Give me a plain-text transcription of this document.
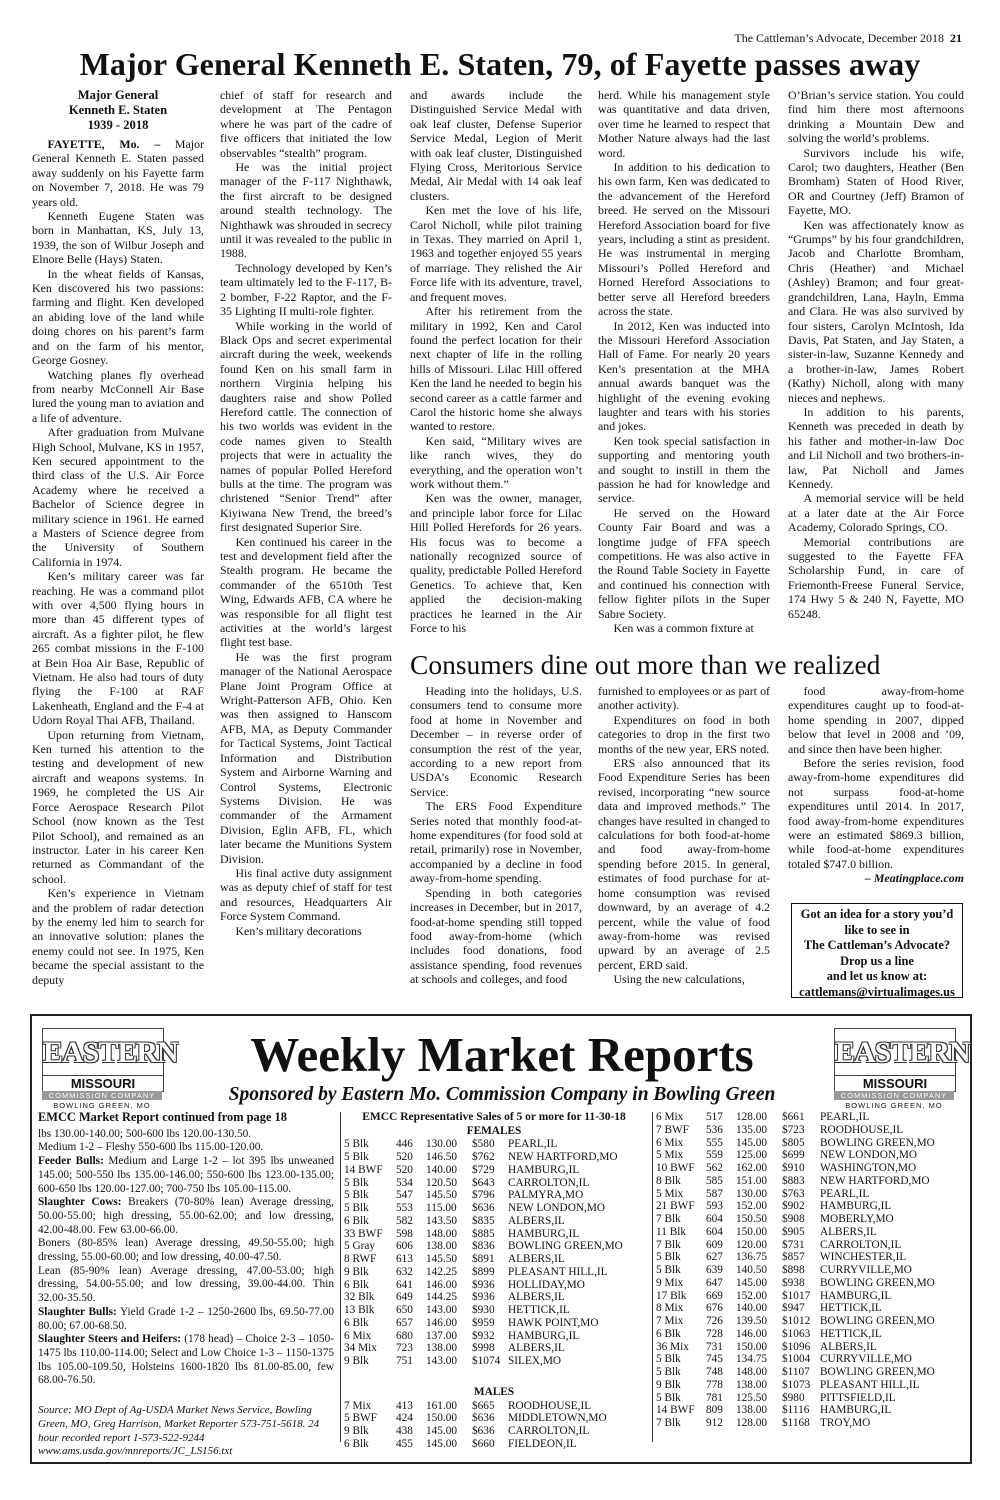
The Cattleman’s Advocate, December 2018 21
Major General Kenneth E. Staten, 79, of Fayette passes away

Major General

Kenneth E. Staten

1939 - 2018

FAYETTE, Mo. – Major General Kenneth E. Staten passed away suddenly on his Fayette farm on November 7, 2018. He was 79 years old.

Kenneth Eugene Staten was born in Manhattan, KS, July 13, 1939, the son of Wilbur Joseph and Elnore Belle (Hays) Staten.

In the wheat fields of Kansas, Ken discovered his two passions: farming and flight. Ken developed an abiding love of the land while doing chores on his parent’s farm and on the farm of his mentor, George Gosney.

Watching planes fly overhead from nearby McConnell Air Base lured the young man to aviation and a life of adventure.

After graduation from Mulvane High School, Mulvane, KS in 1957, Ken secured appointment to the third class of the U.S. Air Force Academy where he received a Bachelor of Science degree in military science in 1961. He earned a Masters of Science degree from the University of Southern California in 1974.

Ken’s military career was far reaching. He was a command pilot with over 4,500 flying hours in more than 45 different types of aircraft. As a fighter pilot, he flew 265 combat missions in the F-100 at Bein Hoa Air Base, Republic of Vietnam. He also had tours of duty flying the F-100 at RAF Lakenheath, England and the F-4 at Udorn Royal Thai AFB, Thailand.

Upon returning from Vietnam, Ken turned his attention to the testing and development of new aircraft and weapons systems. In 1969, he completed the US Air Force Aerospace Research Pilot School (now known as the Test Pilot School), and remained as an instructor. Later in his career Ken returned as Commandant of the school.

Ken’s experience in Vietnam and the problem of radar detection by the enemy led him to search for an innovative solution: planes the enemy could not see. In 1975, Ken became the special assistant to the deputy

chief of staff for research and development at The Pentagon where he was part of the cadre of five officers that initiated the low observables “stealth” program.

He was the initial project manager of the F-117 Nighthawk, the first aircraft to be designed around stealth technology. The Nighthawk was shrouded in secrecy until it was revealed to the public in 1988.

Technology developed by Ken’s team ultimately led to the F-117, B-2 bomber, F-22 Raptor, and the F-35 Lighting II multi-role fighter.

While working in the world of Black Ops and secret experimental aircraft during the week, weekends found Ken on his small farm in northern Virginia helping his daughters raise and show Polled Hereford cattle. The connection of his two worlds was evident in the code names given to Stealth projects that were in actuality the names of popular Polled Hereford bulls at the time. The program was christened “Senior Trend” after Kiyiwana New Trend, the breed’s first designated Superior Sire.

Ken continued his career in the test and development field after the Stealth program. He became the commander of the 6510th Test Wing, Edwards AFB, CA where he was responsible for all flight test activities at the world’s largest flight test base.

He was the first program manager of the National Aerospace Plane Joint Program Office at Wright-Patterson AFB, Ohio. Ken was then assigned to Hanscom AFB, MA, as Deputy Commander for Tactical Systems, Joint Tactical Information and Distribution System and Airborne Warning and Control Systems, Electronic Systems Division. He was commander of the Armament Division, Eglin AFB, FL, which later became the Munitions System Division.

His final active duty assignment was as deputy chief of staff for test and resources, Headquarters Air Force System Command.

Ken’s military decorations

and awards include the Distinguished Service Medal with oak leaf cluster, Defense Superior Service Medal, Legion of Merit with oak leaf cluster, Distinguished Flying Cross, Meritorious Service Medal, Air Medal with 14 oak leaf clusters.

Ken met the love of his life, Carol Nicholl, while pilot training in Texas. They married on April 1, 1963 and together enjoyed 55 years of marriage. They relished the Air Force life with its adventure, travel, and frequent moves.

After his retirement from the military in 1992, Ken and Carol found the perfect location for their next chapter of life in the rolling hills of Missouri. Lilac Hill offered Ken the land he needed to begin his second career as a cattle farmer and Carol the historic home she always wanted to restore.

Ken said, “Military wives are like ranch wives, they do everything, and the operation won’t work without them.”

Ken was the owner, manager, and principle labor force for Lilac Hill Polled Herefords for 26 years. His focus was to become a nationally recognized source of quality, predictable Polled Hereford Genetics. To achieve that, Ken applied the decision-making practices he learned in the Air Force to his

herd. While his management style was quantitative and data driven, over time he learned to respect that Mother Nature always had the last word.

In addition to his dedication to his own farm, Ken was dedicated to the advancement of the Hereford breed. He served on the Missouri Hereford Association board for five years, including a stint as president. He was instrumental in merging Missouri’s Polled Hereford and Horned Hereford Associations to better serve all Hereford breeders across the state.

In 2012, Ken was inducted into the Missouri Hereford Association Hall of Fame. For nearly 20 years Ken’s presentation at the MHA annual awards banquet was the highlight of the evening evoking laughter and tears with his stories and jokes.

Ken took special satisfaction in supporting and mentoring youth and sought to instill in them the passion he had for knowledge and service.

He served on the Howard County Fair Board and was a longtime judge of FFA speech competitions. He was also active in the Round Table Society in Fayette and continued his connection with fellow fighter pilots in the Super Sabre Society.

Ken was a common fixture at

O’Brian’s service station. You could find him there most afternoons drinking a Mountain Dew and solving the world’s problems.

Survivors include his wife, Carol; two daughters, Heather (Ben Bromham) Staten of Hood River, OR and Courtney (Jeff) Bramon of Fayette, MO.

Ken was affectionately know as “Grumps” by his four grandchildren, Jacob and Charlotte Bromham, Chris (Heather) and Michael (Ashley) Bramon; and four great-grandchildren, Lana, Hayln, Emma and Clara. He was also survived by four sisters, Carolyn McIntosh, Ida Davis, Pat Staten, and Jay Staten, a sister-in-law, Suzanne Kennedy and a brother-in-law, James Robert (Kathy) Nicholl, along with many nieces and nephews.

In addition to his parents, Kenneth was preceded in death by his father and mother-in-law Doc and Lil Nicholl and two brothers-in-law, Pat Nicholl and James Kennedy.

A memorial service will be held at a later date at the Air Force Academy, Colorado Springs, CO.

Memorial contributions are suggested to the Fayette FFA Scholarship Fund, in care of Friemonth-Freese Funeral Service, 174 Hwy 5 & 240 N, Fayette, MO 65248.

Consumers dine out more than we realized

Heading into the holidays, U.S. consumers tend to consume more food at home in November and December – in reverse order of consumption the rest of the year, according to a new report from USDA’s Economic Research Service.

The ERS Food Expenditure Series noted that monthly food-at-home expenditures (for food sold at retail, primarily) rose in November, accompanied by a decline in food away-from-home spending.

Spending in both categories increases in December, but in 2017, food-at-home spending still topped food away-from-home (which includes food donations, food assistance spending, food revenues at schools and colleges, and food

furnished to employees or as part of another activity).

Expenditures on food in both categories to drop in the first two months of the new year, ERS noted.

ERS also announced that its Food Expenditure Series has been revised, incorporating “new source data and improved methods.” The changes have resulted in changed to calculations for both food-at-home and food away-from-home spending before 2015. In general, estimates of food purchase for at-home consumption was revised downward, by an average of 4.2 percent, while the value of food away-from-home was revised upward by an average of 2.5 percent, ERD said.

Using the new calculations,

food away-from-home expenditures caught up to food-at-home spending in 2007, dipped below that level in 2008 and ’09, and since then have been higher.

Before the series revision, food away-from-home expenditures did not surpass food-at-home expenditures until 2014. In 2017, food away-from-home expenditures were an estimated $869.3 billion, while food-at-home expenditures totaled $747.0 billion.

– Meatingplace.com

Got an idea for a story you’d
like to see in
The Cattleman’s Advocate?
Drop us a line
and let us know at:
cattlemans@virtualimages.us
EASTERN
MISSOURI
COMMISSION COMPANY
BOWLING GREEN, MO
EASTERN
MISSOURI
COMMISSION COMPANY
BOWLING GREEN, MO
Weekly Market Reports
Sponsored by Eastern Mo. Commission Company in Bowling Green
EMCC Market Report continued from page 18

lbs 130.00-140.00; 500-600 lbs 120.00-130.50.

Medium 1-2 – Fleshy 550-600 lbs 115.00-120.00.

Feeder Bulls: Medium and Large 1-2 – lot 395 lbs unweaned 145.00; 500-550 lbs 135.00-146.00; 550-600 lbs 123.00-135.00; 600-650 lbs 120.00-127.00; 700-750 lbs 105.00-115.00.

Slaughter Cows: Breakers (70-80% lean) Average dressing, 50.00-55.00; high dressing, 55.00-62.00; and low dressing, 42.00-48.00. Few 63.00-66.00.

Boners (80-85% lean) Average dressing, 49.50-55.00; high dressing, 55.00-60.00; and low dressing, 40.00-47.50.

Lean (85-90% lean) Average dressing, 47.00-53.00; high dressing, 54.00-55.00; and low dressing, 39.00-44.00. Thin 32.00-35.50.

Slaughter Bulls: Yield Grade 1-2 – 1250-2600 lbs, 69.50-77.00 80.00; 67.00-68.50.

Slaughter Steers and Heifers: (178 head) – Choice 2-3 – 1050-1475 lbs 110.00-114.00; Select and Low Choice 1-3 – 1150-1375 lbs 105.00-109.50, Holsteins 1600-1820 lbs 81.00-85.00, few 68.00-76.50.

Source: MO Dept of Ag-USDA Market News Service, Bowling Green, MO, Greg Harrison, Market Reporter 573-751-5618. 24 hour recorded report 1-573-522-9244 www.ams.usda.gov/mnreports/JC_LS156.txt
EMCC Representative Sales of 5 or more for 11-30-18
FEMALES
5 Blk	446	130.00	$580	PEARL,IL
5 Blk	520	146.50	$762	NEW HARTFORD,MO
14 BWF	520	140.00	$729	HAMBURG,IL
5 Blk	534	120.50	$643	CARROLTON,IL
5 Blk	547	145.50	$796	PALMYRA,MO
5 Blk	553	115.00	$636	NEW LONDON,MO
6 Blk	582	143.50	$835	ALBERS,IL
33 BWF	598	148.00	$885	HAMBURG,IL
5 Gray	606	138.00	$836	BOWLING GREEN,MO
8 RWF	613	145.50	$891	ALBERS,IL
9 Blk	632	142.25	$899	PLEASANT HILL,IL
6 Blk	641	146.00	$936	HOLLIDAY,MO
32 Blk	649	144.25	$936	ALBERS,IL
13 Blk	650	143.00	$930	HETTICK,IL
6 Blk	657	146.00	$959	HAWK POINT,MO
6 Mix	680	137.00	$932	HAMBURG,IL
34 Mix	723	138.00	$998	ALBERS,IL
9 Blk	751	143.00	$1074	SILEX,MO
MALES
7 Mix	413	161.00	$665	ROODHOUSE,IL
5 BWF	424	150.00	$636	MIDDLETOWN,MO
9 Blk	438	145.00	$636	CARROLTON,IL
6 Blk	455	145.00	$660	FIELDEON,IL
6 Mix	517	128.00	$661	PEARL,IL
7 BWF	536	135.00	$723	ROODHOUSE,IL
6 Mix	555	145.00	$805	BOWLING GREEN,MO
5 Mix	559	125.00	$699	NEW LONDON,MO
10 BWF	562	162.00	$910	WASHINGTON,MO
8 Blk	585	151.00	$883	NEW HARTFORD,MO
5 Mix	587	130.00	$763	PEARL,IL
21 BWF	593	152.00	$902	HAMBURG,IL
7 Blk	604	150.50	$908	MOBERLY,MO
11 Blk	604	150.00	$905	ALBERS,IL
7 Blk	609	120.00	$731	CARROLTON,IL
5 Blk	627	136.75	$857	WINCHESTER,IL
5 Blk	639	140.50	$898	CURRYVILLE,MO
9 Mix	647	145.00	$938	BOWLING GREEN,MO
17 Blk	669	152.00	$1017	HAMBURG,IL
8 Mix	676	140.00	$947	HETTICK,IL
7 Mix	726	139.50	$1012	BOWLING GREEN,MO
6 Blk	728	146.00	$1063	HETTICK,IL
36 Mix	731	150.00	$1096	ALBERS,IL
5 Blk	745	134.75	$1004	CURRYVILLE,MO
5 Blk	748	148.00	$1107	BOWLING GREEN,MO
9 Blk	778	138.00	$1073	PLEASANT HILL,IL
5 Blk	781	125.50	$980	PITTSFIELD,IL
14 BWF	809	138.00	$1116	HAMBURG,IL
7 Blk	912	128.00	$1168	TROY,MO
